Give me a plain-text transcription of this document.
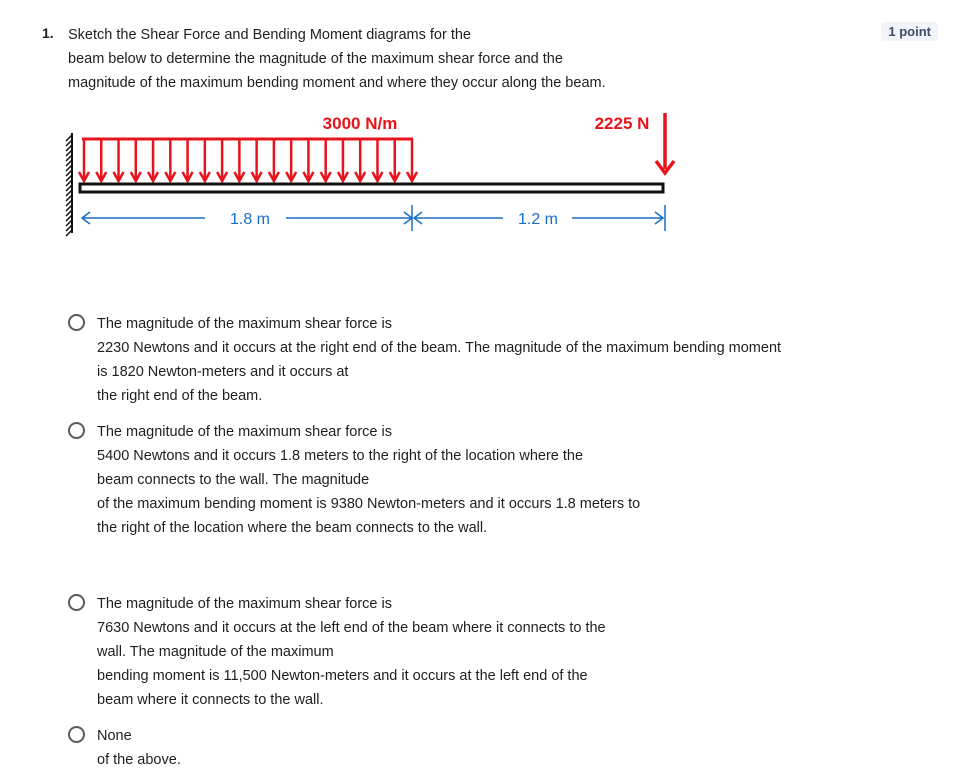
1. Sketch the Shear Force and Bending Moment diagrams for the
beam below to determine the magnitude of the maximum shear force and the
magnitude of the maximum bending moment and where they occur along the beam.
1 point
3000 N/m	2225 N
1.8 m	1.2 m
The magnitude of the maximum shear force is
2230 Newtons and it occurs at the right end of the beam. The magnitude of the maximum bending moment
is 1820 Newton-meters and it occurs at
the right end of the beam.
The magnitude of the maximum shear force is
5400 Newtons and it occurs 1.8 meters to the right of the location where the
beam connects to the wall. The magnitude
of the maximum bending moment is 9380 Newton-meters and it occurs 1.8 meters to
the right of the location where the beam connects to the wall.
The magnitude of the maximum shear force is
7630 Newtons and it occurs at the left end of the beam where it connects to the
wall. The magnitude of the maximum
bending moment is 11,500 Newton-meters and it occurs at the left end of the
beam where it connects to the wall.
None
of the above.
